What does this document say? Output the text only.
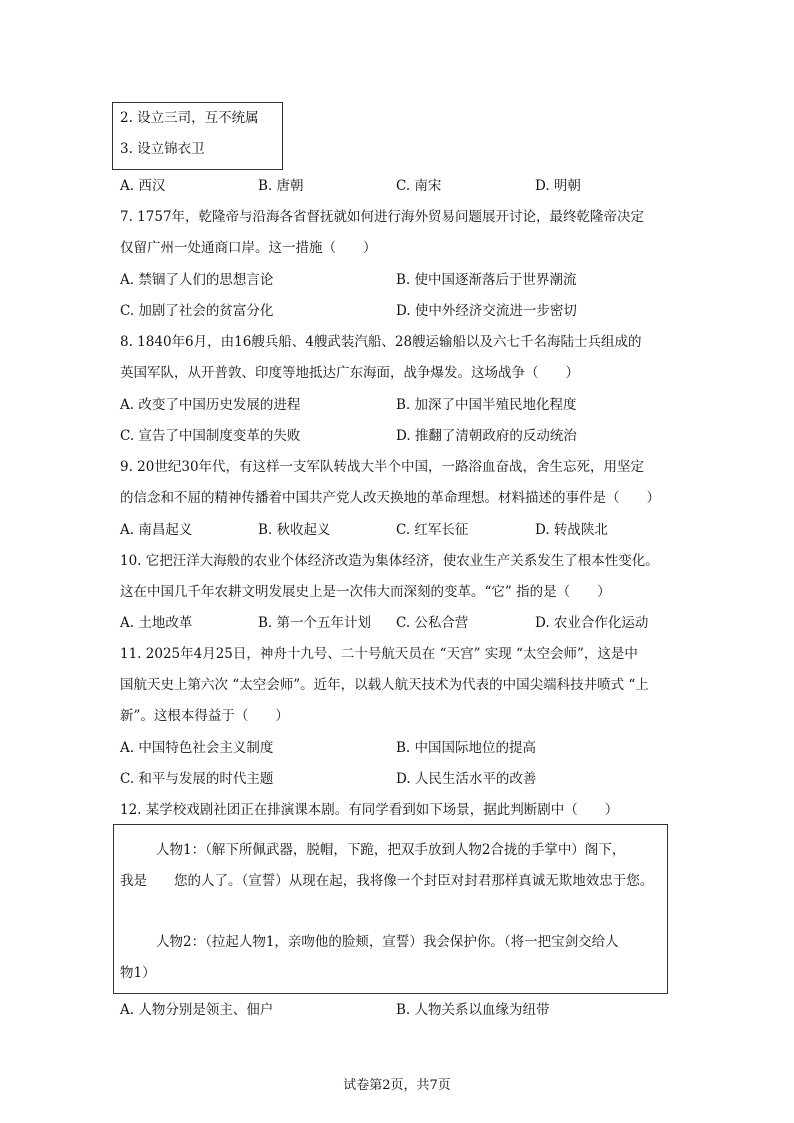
2. 设立三司，互不统属
3. 设立锦衣卫
A. 西汉	B. 唐朝	C. 南宋	D. 明朝
7. 1757年，乾隆帝与沿海各省督抚就如何进行海外贸易问题展开讨论，最终乾隆帝决定
仅留广州一处通商口岸。这一措施（　　）
A. 禁锢了人们的思想言论	B. 使中国逐渐落后于世界潮流
C. 加剧了社会的贫富分化	D. 使中外经济交流进一步密切
8. 1840年6月，由16艘兵船、4艘武装汽船、28艘运输船以及六七千名海陆士兵组成的
英国军队，从开普敦、印度等地抵达广东海面，战争爆发。这场战争（　　）
A. 改变了中国历史发展的进程	B. 加深了中国半殖民地化程度
C. 宣告了中国制度变革的失败	D. 推翻了清朝政府的反动统治
9. 20世纪30年代，有这样一支军队转战大半个中国，一路浴血奋战，舍生忘死，用坚定
的信念和不屈的精神传播着中国共产党人改天换地的革命理想。材料描述的事件是（　　）
A. 南昌起义	B. 秋收起义	C. 红军长征	D. 转战陕北
10. 它把汪洋大海般的农业个体经济改造为集体经济，使农业生产关系发生了根本性变化。
这在中国几千年农耕文明发展史上是一次伟大而深刻的变革。“它” 指的是（　　）
A. 土地改革	B. 第一个五年计划 C. 公私合营	D. 农业合作化运动
11. 2025年4月25日，神舟十九号、二十号航天员在 “天宫” 实现 “太空会师”，这是中
国航天史上第六次 “太空会师”。近年，以载人航天技术为代表的中国尖端科技井喷式 “上
新”。这根本得益于（　　）
A. 中国特色社会主义制度	B. 中国国际地位的提高
C. 和平与发展的时代主题	D. 人民生活水平的改善
12. 某学校戏剧社团正在排演课本剧。有同学看到如下场景，据此判断剧中（　　）
人物1：（解下所佩武器，脱帽，下跪，把双手放到人物2合拢的手掌中）阁下，
我是　　您的人了。（宣誓）从现在起，我将像一个封臣对封君那样真诚无欺地效忠于您。
人物2：（拉起人物1，亲吻他的脸颊，宣誓）我会保护你。（将一把宝剑交给人
物1）
A. 人物分别是领主、佃户	B. 人物关系以血缘为纽带
试卷第2页，共7页
